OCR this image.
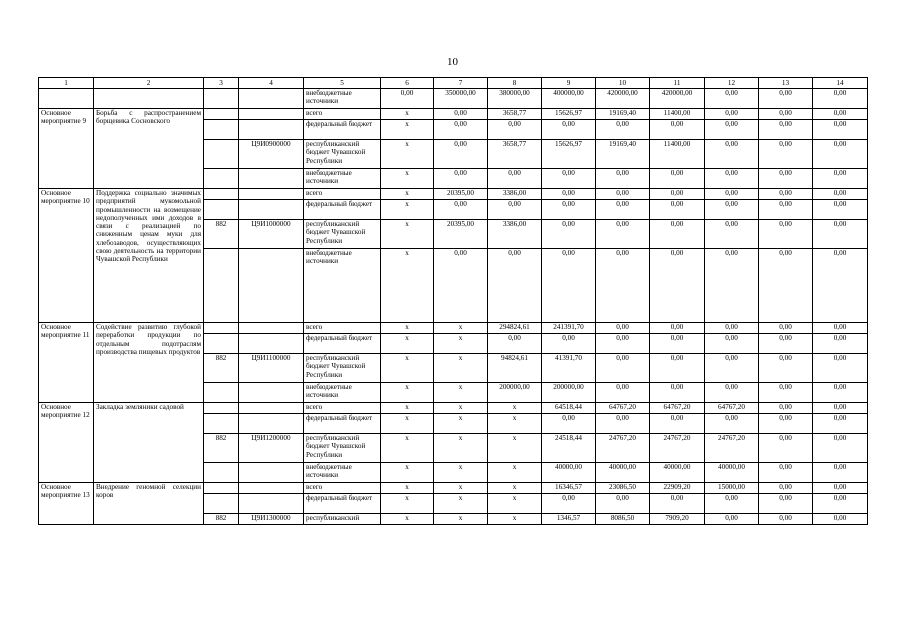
10
1	2	3	4	5	6	7	8	9	10	11	12	13	14
				внебюджетные источники	0,00	350000,00	380000,00	400000,00	420000,00	420000,00	0,00	0,00	0,00
Основное мероприятие 9	Борьба с распространением борщевика Сосновского			всего	х	0,00	3658,77	15626,97	19169,40	11400,00	0,00	0,00	0,00
				федеральный бюджет	х	0,00	0,00	0,00	0,00	0,00	0,00	0,00	0,00
			Ц9И0900000	республиканский бюджет Чувашской Республики	х	0,00	3658,77	15626,97	19169,40	11400,00	0,00	0,00	0,00
				внебюджетные источники	х	0,00	0,00	0,00	0,00	0,00	0,00	0,00	0,00
Основное мероприятие 10	Поддержка социально значимых предприятий мукомольной промышленности на возмещение недополученных ими доходов в связи с реализацией по сниженным ценам муки для хлебозаводов, осуществляющих свою деятельность на территории Чувашской Республики			всего	х	20395,00	3386,00	0,00	0,00	0,00	0,00	0,00	0,00
				федеральный бюджет	х	0,00	0,00	0,00	0,00	0,00	0,00	0,00	0,00
		882	Ц9И1000000	республиканский бюджет Чувашской Республики	х	20395,00	3386,00	0,00	0,00	0,00	0,00	0,00	0,00
				внебюджетные источники	х	0,00	0,00	0,00	0,00	0,00	0,00	0,00	0,00
Основное мероприятие 11	Содействие развитию глубокой переработки продукции по отдельным подотраслям производства пищевых продуктов			всего	х	х	294824,61	241391,70	0,00	0,00	0,00	0,00	0,00
				федеральный бюджет	х	х	0,00	0,00	0,00	0,00	0,00	0,00	0,00
		882	Ц9И1100000	республиканский бюджет Чувашской Республики	х	х	94824,61	41391,70	0,00	0,00	0,00	0,00	0,00
				внебюджетные источники	х	х	200000,00	200000,00	0,00	0,00	0,00	0,00	0,00
Основное мероприятие 12	Закладка земляники садовой			всего	х	х	х	64518,44	64767,20	64767,20	64767,20	0,00	0,00
				федеральный бюджет	х	х	х	0,00	0,00	0,00	0,00	0,00	0,00
		882	Ц9И1200000	республиканский бюджет Чувашской Республики	х	х	х	24518,44	24767,20	24767,20	24767,20	0,00	0,00
				внебюджетные источники	х	х	х	40000,00	40000,00	40000,00	40000,00	0,00	0,00
Основное мероприятие 13	Внедрение геномной селекции коров			всего	х	х	х	16346,57	23086,50	22909,20	15000,00	0,00	0,00
				федеральный бюджет	х	х	х	0,00	0,00	0,00	0,00	0,00	0,00
		882	Ц9И1300000	республиканский	х	х	х	1346,57	8086,50	7909,20	0,00	0,00	0,00
